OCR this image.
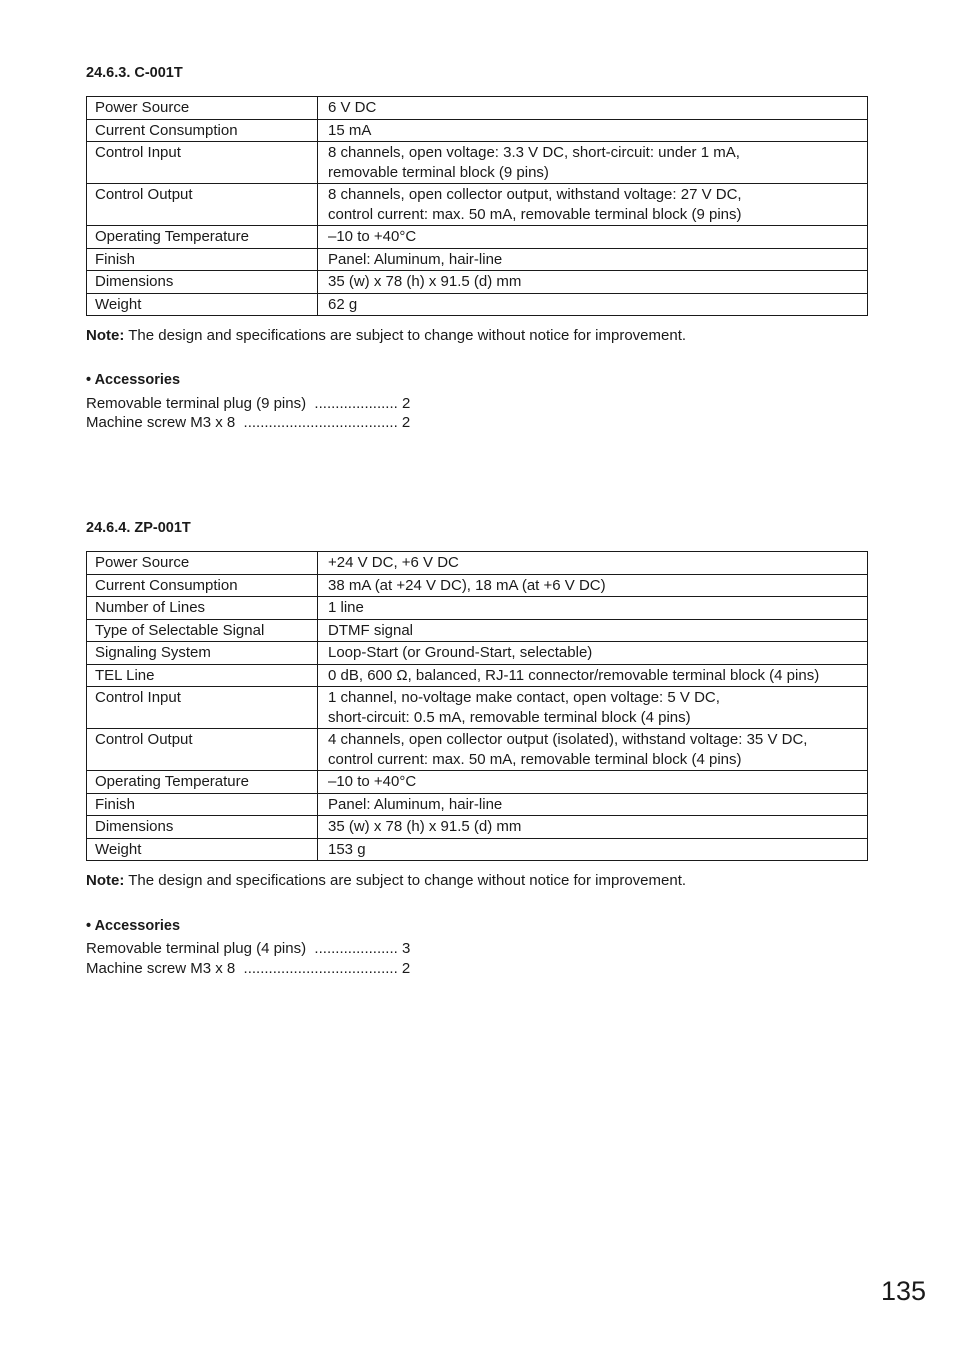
24.6.3. C-001T
Power Source	6 V DC

Current Consumption	15 mA

Control Input	8 channels, open voltage: 3.3 V DC, short-circuit: under 1 mA,
removable terminal block (9 pins)

Control Output	8 channels, open collector output, withstand voltage: 27 V DC,
control current: max. 50 mA, removable terminal block (9 pins)

Operating Temperature	–10 to +40°C

Finish	Panel: Aluminum, hair-line

Dimensions	35 (w) x 78 (h) x 91.5 (d) mm

Weight	62 g

Note: The design and specifications are subject to change without notice for improvement.

• Accessories

Removable terminal plug (9 pins)  .................... 2

Machine screw M3 x 8  ..................................... 2

24.6.4. ZP-001T
Power Source	+24 V DC, +6 V DC

Current Consumption	38 mA (at +24 V DC), 18 mA (at +6 V DC)

Number of Lines	1 line

Type of Selectable Signal	DTMF signal

Signaling System	Loop-Start (or Ground-Start, selectable)

TEL Line	0 dB, 600 Ω, balanced, RJ-11 connector/removable terminal block (4 pins)

Control Input	1 channel, no-voltage make contact, open voltage: 5 V DC,
short-circuit: 0.5 mA, removable terminal block (4 pins)

Control Output	4 channels, open collector output (isolated), withstand voltage: 35 V DC,
control current: max. 50 mA, removable terminal block (4 pins)

Operating Temperature	–10 to +40°C

Finish	Panel: Aluminum, hair-line

Dimensions	35 (w) x 78 (h) x 91.5 (d) mm

Weight	153 g

Note: The design and specifications are subject to change without notice for improvement.

• Accessories

Removable terminal plug (4 pins)  .................... 3

Machine screw M3 x 8  ..................................... 2

135
